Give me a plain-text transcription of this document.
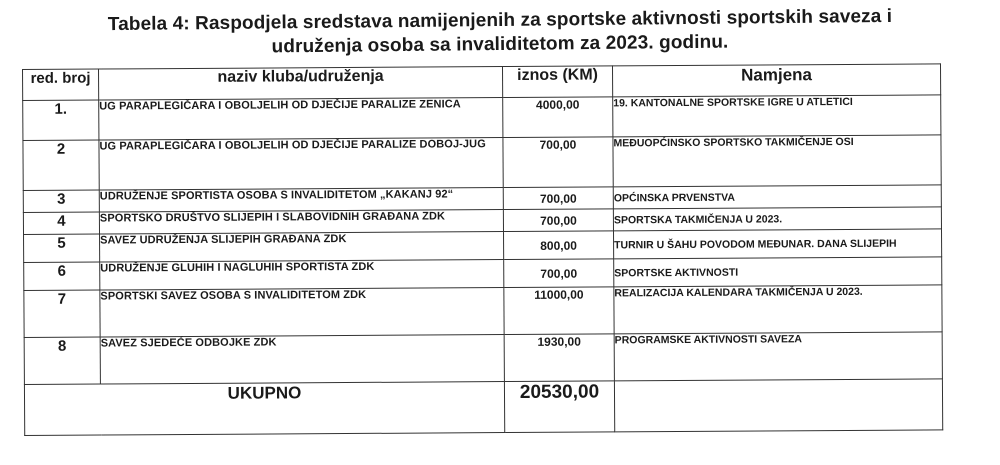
Tabela 4: Raspodjela sredstava namijenjenih za sportske aktivnosti sportskih saveza i
udruženja osoba sa invaliditetom za 2023. godinu.
red. broj	naziv kluba/udruženja	iznos (KM)	Namjena
1.	UG PARAPLEGIČARA I OBOLJELIH OD DJEČIJE PARALIZE ZENICA	4000,00	19. KANTONALNE SPORTSKE IGRE U ATLETICI
2	UG PARAPLEGIČARA I OBOLJELIH OD DJEČIJE PARALIZE DOBOJ-JUG	700,00	MEĐUOPĆINSKO SPORTSKO TAKMIČENJE OSI
3	UDRUŽENJE SPORTISTA OSOBA S INVALIDITETOM „KAKANJ 92“	700,00	OPĆINSKA PRVENSTVA
4	SPORTSKO DRUŠTVO SLIJEPIH I SLABOVIDNIH GRAĐANA ZDK	700,00	SPORTSKA TAKMIČENJA U 2023.
5	SAVEZ UDRUŽENJA SLIJEPIH GRAĐANA ZDK	800,00	TURNIR U ŠAHU POVODOM MEĐUNAR. DANA SLIJEPIH
6	UDRUŽENJE GLUHIH I NAGLUHIH SPORTISTA ZDK	700,00	SPORTSKE AKTIVNOSTI
7	SPORTSKI SAVEZ OSOBA S INVALIDITETOM ZDK	11000,00	REALIZACIJA KALENDARA TAKMIČENJA U 2023.
8	SAVEZ SJEDEĆE ODBOJKE ZDK	1930,00	PROGRAMSKE AKTIVNOSTI SAVEZA
UKUPNO		20530,00	
